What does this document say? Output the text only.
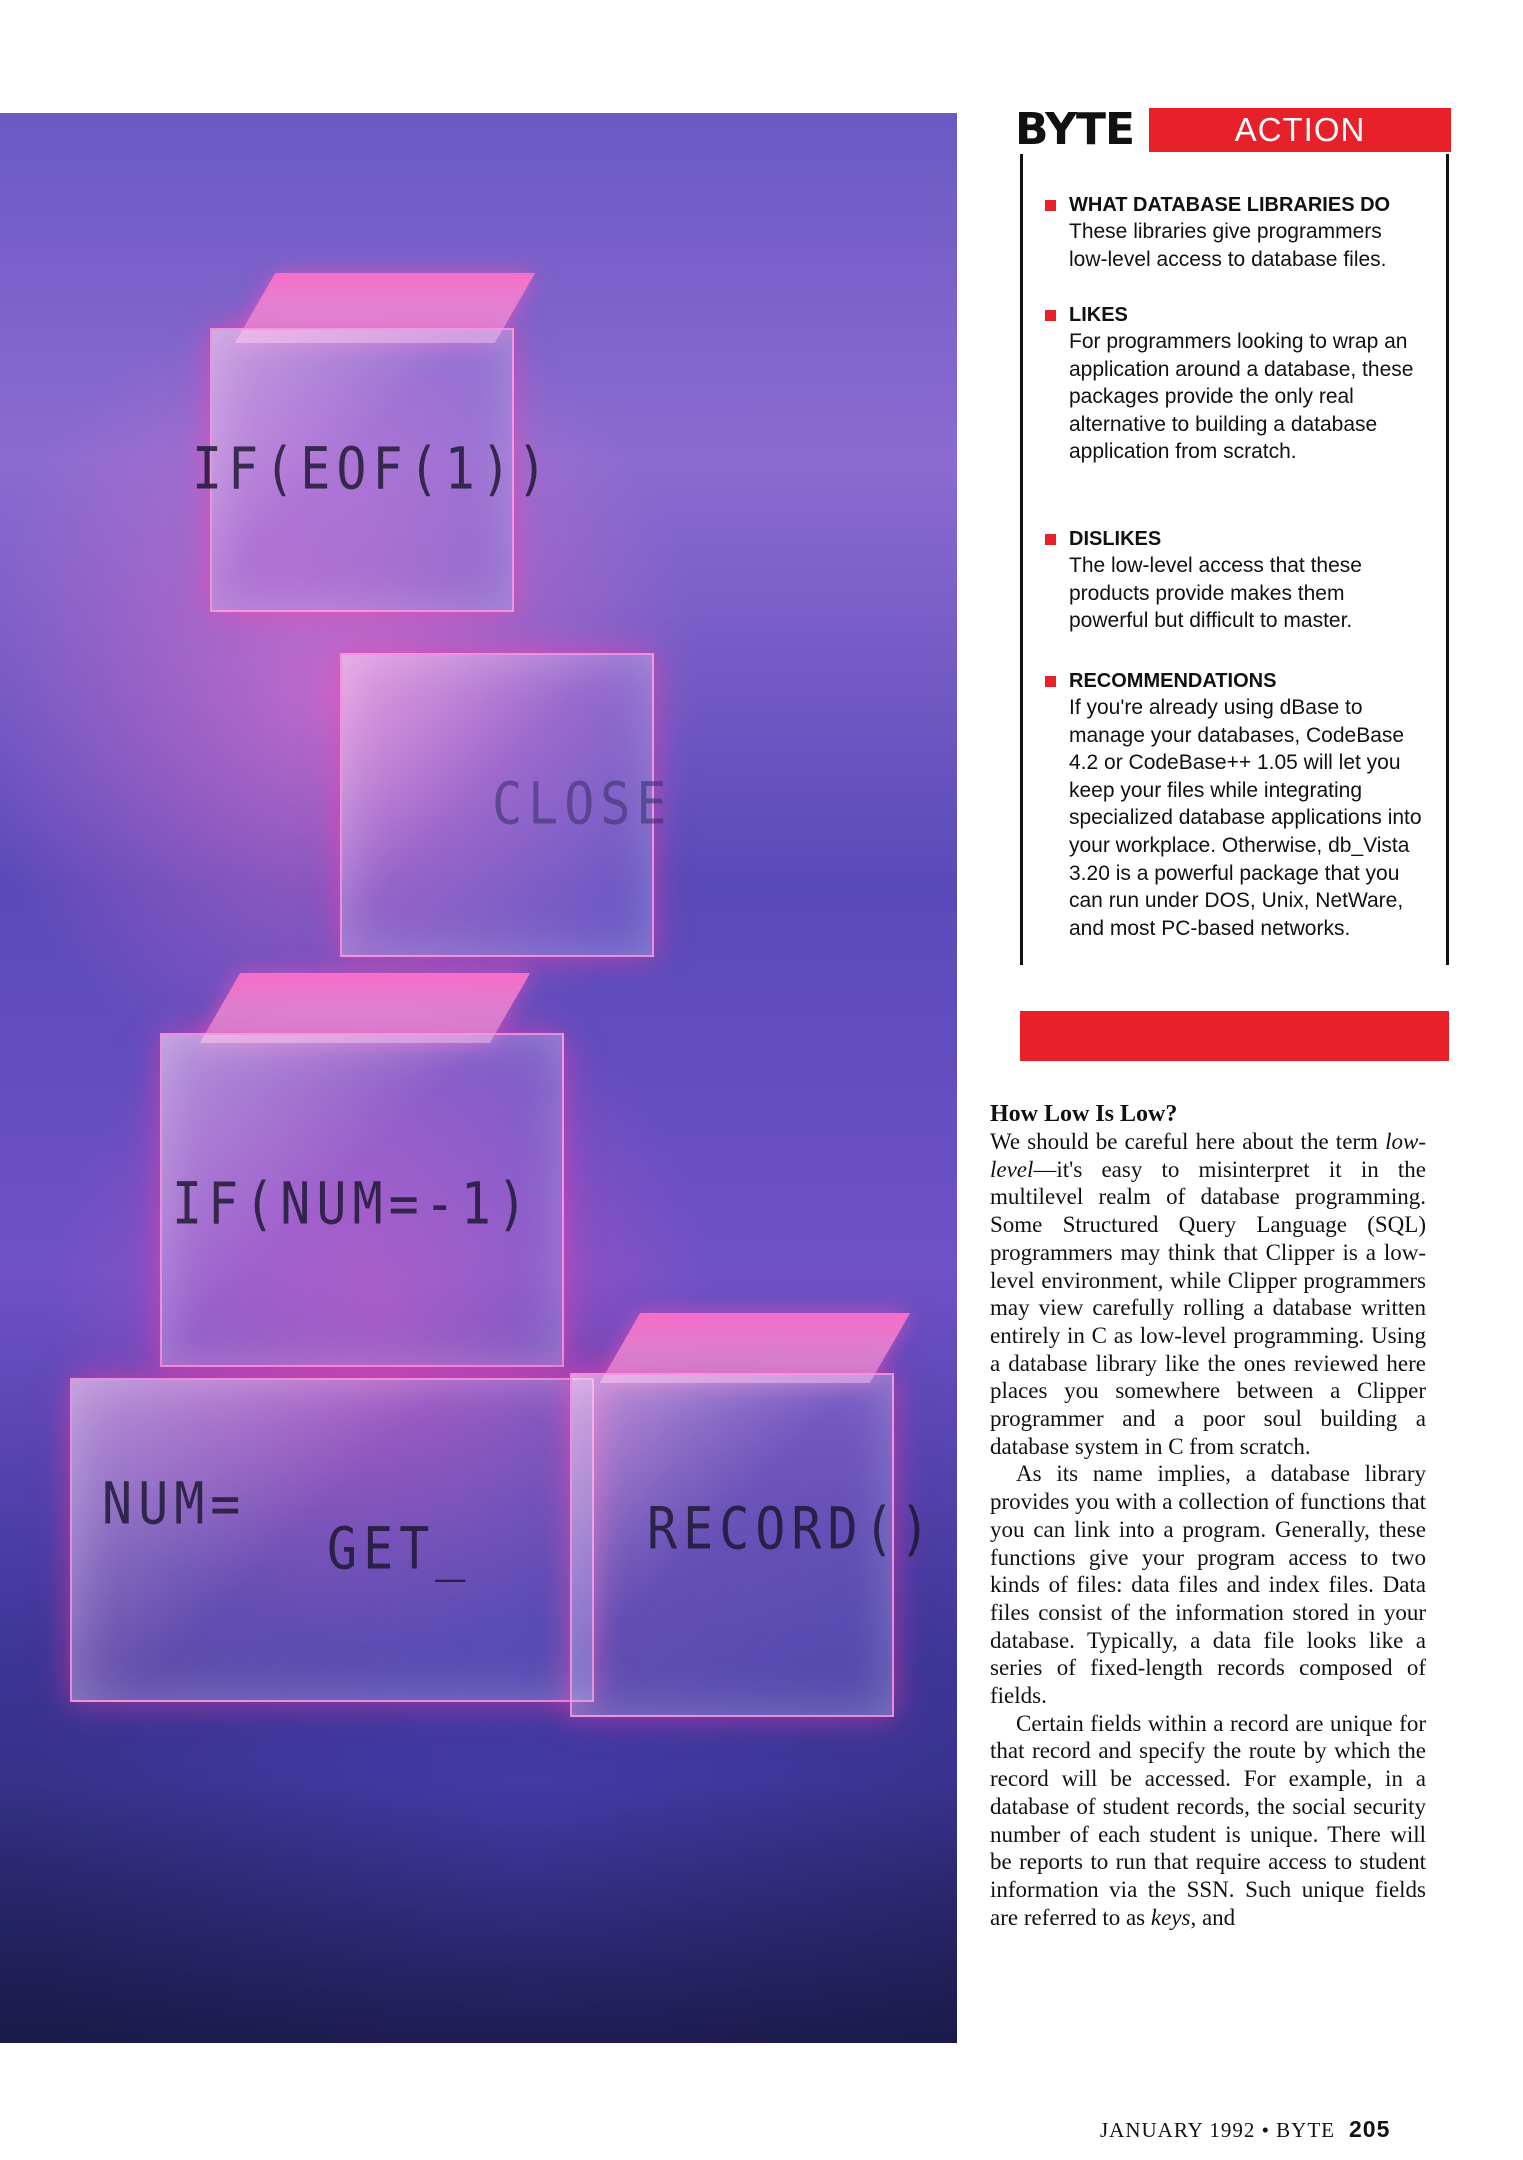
IF(EOF(1))
CLOSE
IF(NUM=-1)
NUM=
GET_	RECORD()
BYTE	ACTION SUMMARY
WHAT DATABASE LIBRARIES DO
These libraries give programmers low-level access to database files.
LIKES
For programmers looking to wrap an application around a database, these packages provide the only real alternative to building a database application from scratch.
DISLIKES
The low-level access that these products provide makes them powerful but difficult to master.
RECOMMENDATIONS
If you're already using dBase to manage your databases, CodeBase 4.2 or CodeBase++ 1.05 will let you keep your files while integrating specialized database applications into your workplace. Otherwise, db_Vista 3.20 is a powerful package that you can run under DOS, Unix, NetWare, and most PC-based networks.
How Low Is Low?

We should be careful here about the term low-level—it's easy to misinterpret it in the multilevel realm of database programming. Some Structured Query Language (SQL) programmers may think that Clipper is a low-level environment, while Clipper programmers may view carefully rolling a database written entirely in C as low-level programming. Using a database library like the ones reviewed here places you somewhere between a Clipper programmer and a poor soul building a database system in C from scratch.

As its name implies, a database library provides you with a collection of functions that you can link into a program. Generally, these functions give your program access to two kinds of files: data files and index files. Data files consist of the information stored in your database. Typically, a data file looks like a series of fixed-length records composed of fields.

Certain fields within a record are unique for that record and specify the route by which the record will be accessed. For example, in a database of student records, the social security number of each student is unique. There will be reports to run that require access to student information via the SSN. Such unique fields are referred to as keys, and

JANUARY 1992 • BYTE 205
